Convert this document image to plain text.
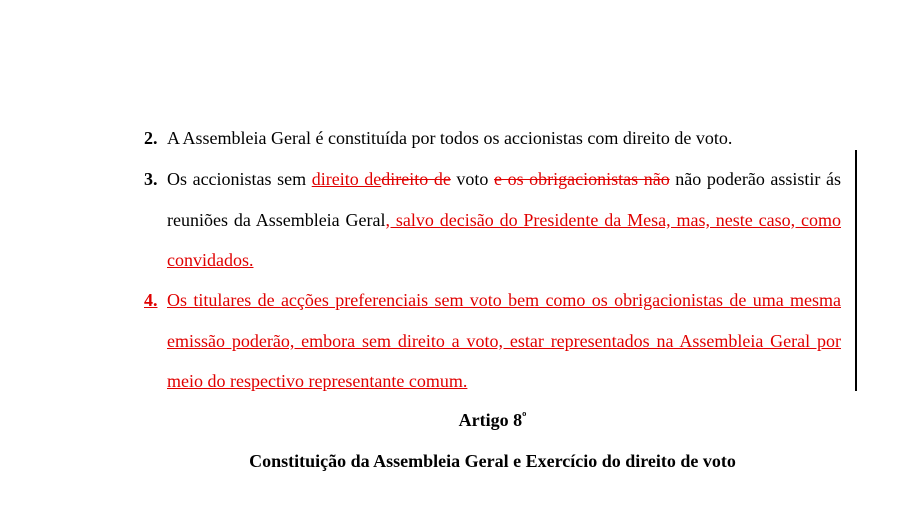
2. A Assembleia Geral é constituída por todos os accionistas com direito de voto.
3. Os accionistas sem direito dedireito de voto e os obrigacionistas não não poderão assistir ás reuniões da Assembleia Geral, salvo decisão do Presidente da Mesa, mas, neste caso, como convidados.
4. Os titulares de acções preferenciais sem voto bem como os obrigacionistas de uma mesma emissão poderão, embora sem direito a voto, estar representados na Assembleia Geral por meio do respectivo representante comum.
Artigo $8^º$
Constituição da Assembleia Geral e Exercício do direito de voto
